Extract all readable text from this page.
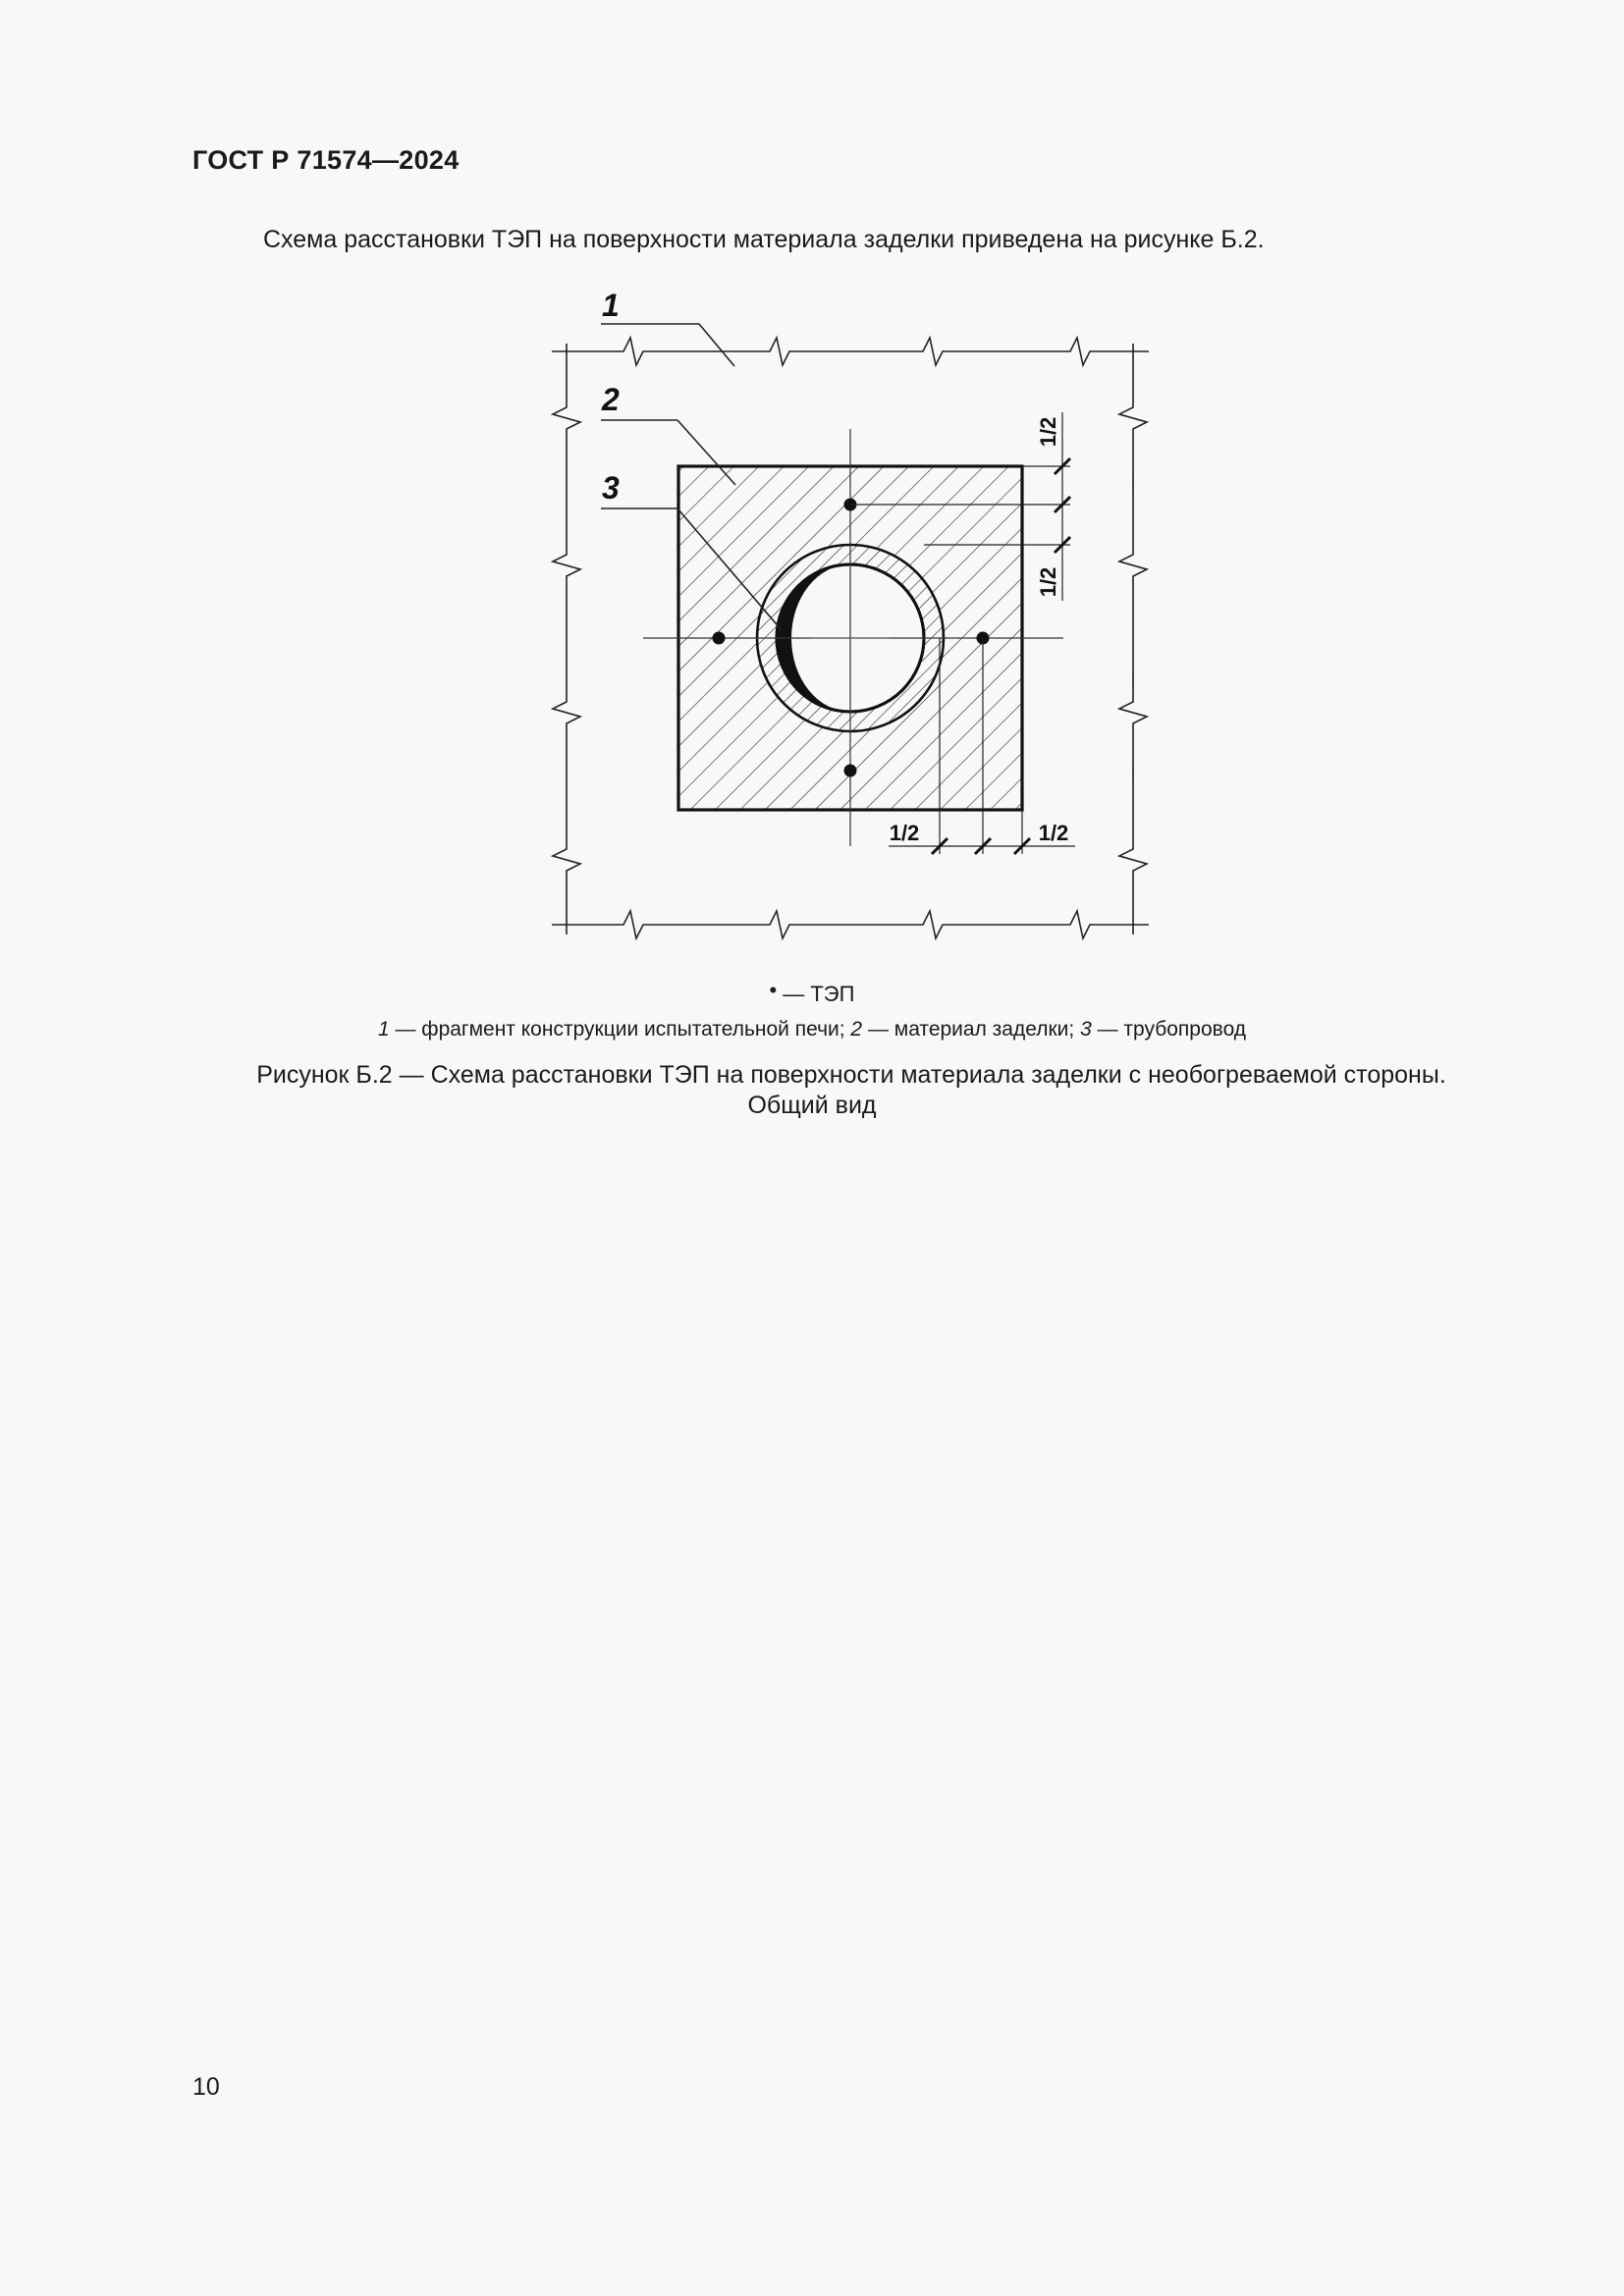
ГОСТ Р 71574—2024

Схема расстановки ТЭП на поверхности материала заделки приведена на рисунке Б.2.

1/2
1/2
1/2	1/2
1
2
3

• — ТЭП

1 — фрагмент конструкции испытательной печи; 2 — материал заделки; 3 — трубопровод

Рисунок Б.2 — Схема расстановки ТЭП на поверхности материала заделки с необогреваемой стороны.
Общий вид

10
